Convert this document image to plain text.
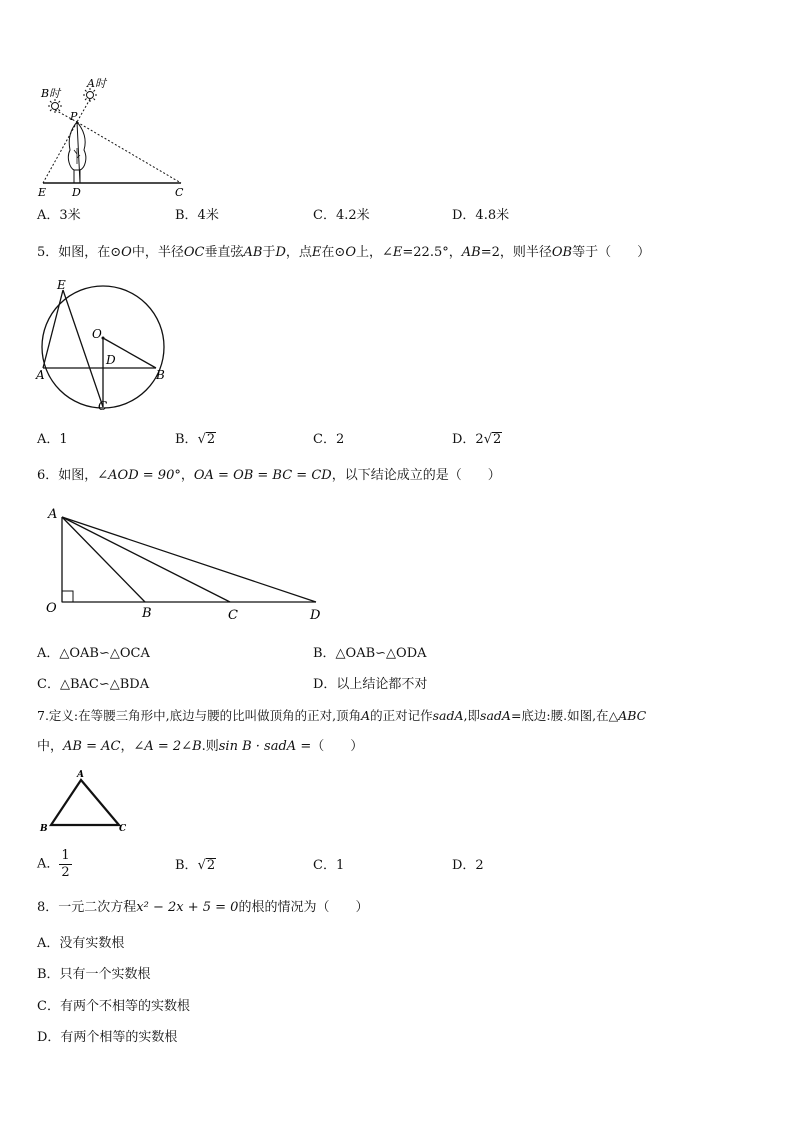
B时
A时
P
E D	C
A．3米	B．4米	C．4.2米	D．4.8米
5．如图，在⊙O中，半径OC垂直弦AB于D，点E在⊙O上，∠E=22.5°，AB=2，则半径OB等于（　　）
E
O
D
A	B
C
A．1	B．√2	C．2	D．2√2
6．如图，∠AOD = 90°，OA = OB = BC = CD，以下结论成立的是（　　）
A
O	B	C	D
A．△OAB∽△OCA	B．△OAB∽△ODA
C．△BAC∽△BDA	D．以上结论都不对
7.定义:在等腰三角形中,底边与腰的比叫做顶角的正对,顶角A的正对记作sadA,即sadA=底边:腰.如图,在△ABC
中，AB = AC，∠A = 2∠B.则sin B · sadA =（　　）
A
B	C
A． $\frac{1}{2}$	B．√2	C．1	D．2
8．一元二次方程x² − 2x + 5 = 0的根的情况为（　　）
A．没有实数根
B．只有一个实数根
C．有两个不相等的实数根
D．有两个相等的实数根
